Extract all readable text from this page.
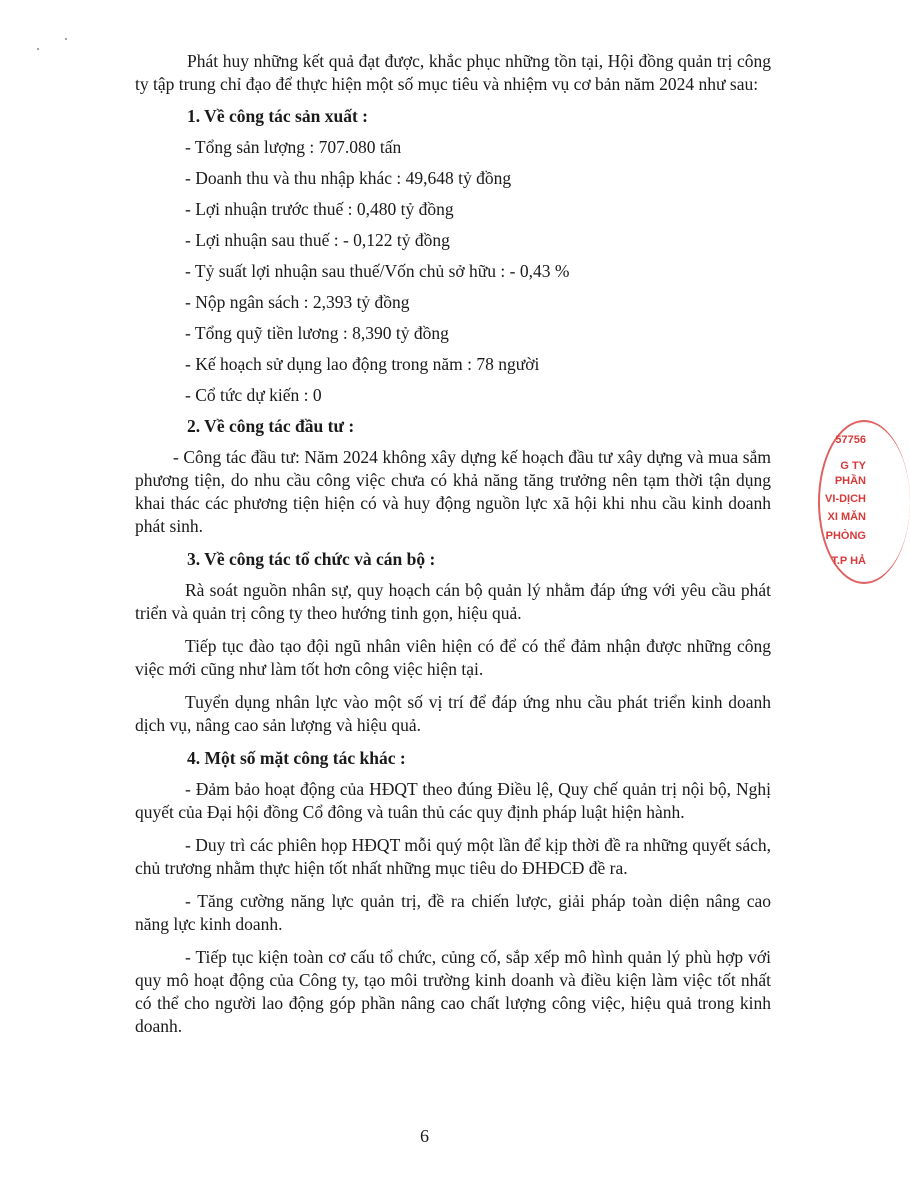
Phát huy những kết quả đạt được, khắc phục những tồn tại, Hội đồng quản trị công ty tập trung chỉ đạo để thực hiện một số mục tiêu và nhiệm vụ cơ bản năm 2024 như sau:

1. Về công tác sản xuất :

- Tổng sản lượng : 707.080 tấn

- Doanh thu và thu nhập khác : 49,648 tỷ đồng

- Lợi nhuận trước thuế : 0,480 tỷ đồng

- Lợi nhuận sau thuế : - 0,122 tỷ đồng

- Tỷ suất lợi nhuận sau thuế/Vốn chủ sở hữu : - 0,43 %

- Nộp ngân sách : 2,393 tỷ đồng

- Tổng quỹ tiền lương : 8,390 tỷ đồng

- Kế hoạch sử dụng lao động trong năm : 78 người

- Cổ tức dự kiến : 0

2. Về công tác đầu tư :

- Công tác đầu tư: Năm 2024 không xây dựng kế hoạch đầu tư xây dựng và mua sắm phương tiện, do nhu cầu công việc chưa có khả năng tăng trưởng nên tạm thời tận dụng khai thác các phương tiện hiện có và huy động nguồn lực xã hội khi nhu cầu kinh doanh phát sinh.

3. Về công tác tổ chức và cán bộ :

Rà soát nguồn nhân sự, quy hoạch cán bộ quản lý nhằm đáp ứng với yêu cầu phát triển và quản trị công ty theo hướng tinh gọn, hiệu quả.

Tiếp tục đào tạo đội ngũ nhân viên hiện có để có thể đảm nhận được những công việc mới cũng như làm tốt hơn công việc hiện tại.

Tuyển dụng nhân lực vào một số vị trí để đáp ứng nhu cầu phát triển kinh doanh dịch vụ, nâng cao sản lượng và hiệu quả.

4. Một số mặt công tác khác :

- Đảm bảo hoạt động của HĐQT theo đúng Điều lệ, Quy chế quản trị nội bộ, Nghị quyết của Đại hội đồng Cổ đông và tuân thủ các quy định pháp luật hiện hành.

- Duy trì các phiên họp HĐQT mỗi quý một lần để kịp thời đề ra những quyết sách, chủ trương nhằm thực hiện tốt nhất những mục tiêu do ĐHĐCĐ đề ra.

- Tăng cường năng lực quản trị, đề ra chiến lược, giải pháp toàn diện nâng cao năng lực kinh doanh.

- Tiếp tục kiện toàn cơ cấu tổ chức, củng cố, sắp xếp mô hình quản lý phù hợp với quy mô hoạt động của Công ty, tạo môi trường kinh doanh và điều kiện làm việc tốt nhất có thể cho người lao động góp phần nâng cao chất lượng công việc, hiệu quả trong kinh doanh.

6
57756
G TY
PHẦN
VI-DỊCH
XI MĂN
PHÒNG
T.P HẢ
